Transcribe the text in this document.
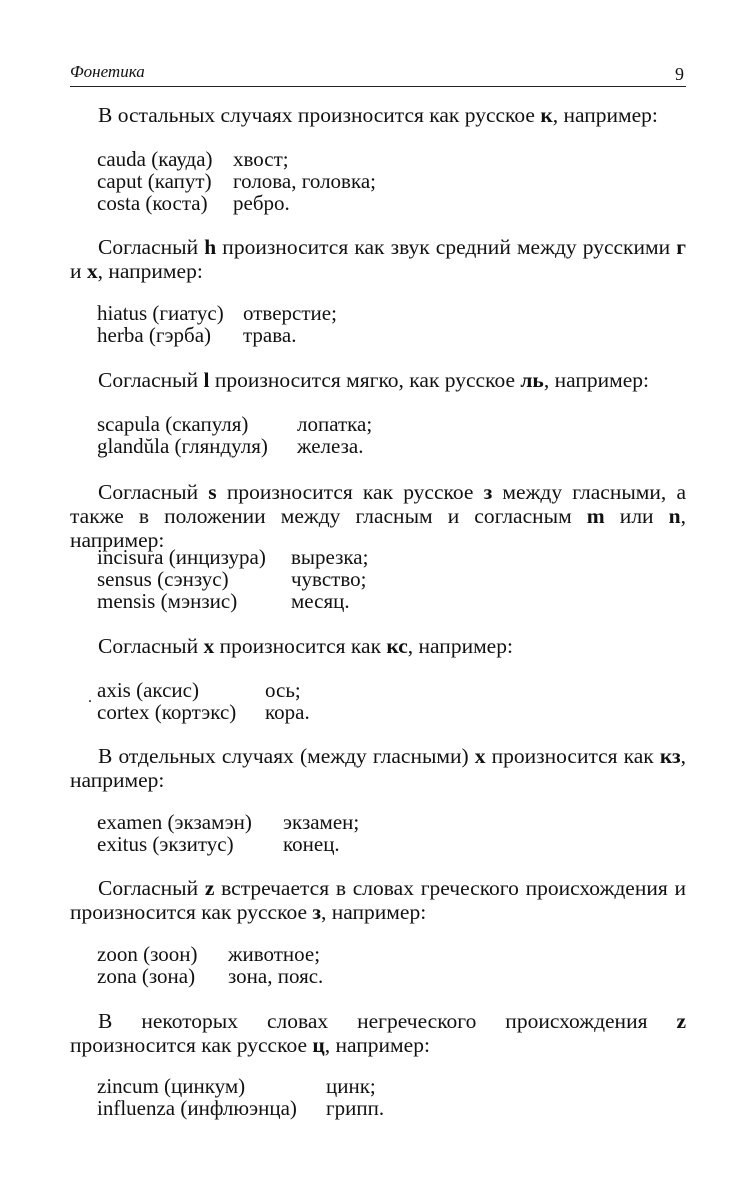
Фонетика	9
В остальных случаях произносится как русское к, например:
cauda (кауда) хвост;
caput (капут)	голова, головка;
costa (коста)	ребро.
Согласный h произносится как звук средний между русскими г и х, например:
hiatus (гиатус) отверстие;
herba (гэрба)	трава.
Согласный l произносится мягко, как русское ль, например:
scapula (скапуля)	лопатка;
glandŭla (гляндуля)	железа.
Согласный s произносится как русское з между гласными, а также в положении между гласным и согласным m или n, например:
incisura (инцизура)	вырезка;
sensus (сэнзус)	чувство;
mensis (мэнзис)	месяц.
Согласный х произносится как кс, например:
axis (аксис)	ось;
cortex (кортэкс)	кора.
.
В отдельных случаях (между гласными) х произносится как кз, например:
examen (экзамэн)	экзамен;
exitus (экзитус)	конец.
Согласный z встречается в словах греческого происхождения и произносится как русское з, например:
zoon (зоон)	животное;
zona (зона)	зона, пояс.
В некоторых словах негреческого происхождения z произносится как русское ц, например:
zincum (цинкум)	цинк;
influenza (инфлюэнца)	грипп.
